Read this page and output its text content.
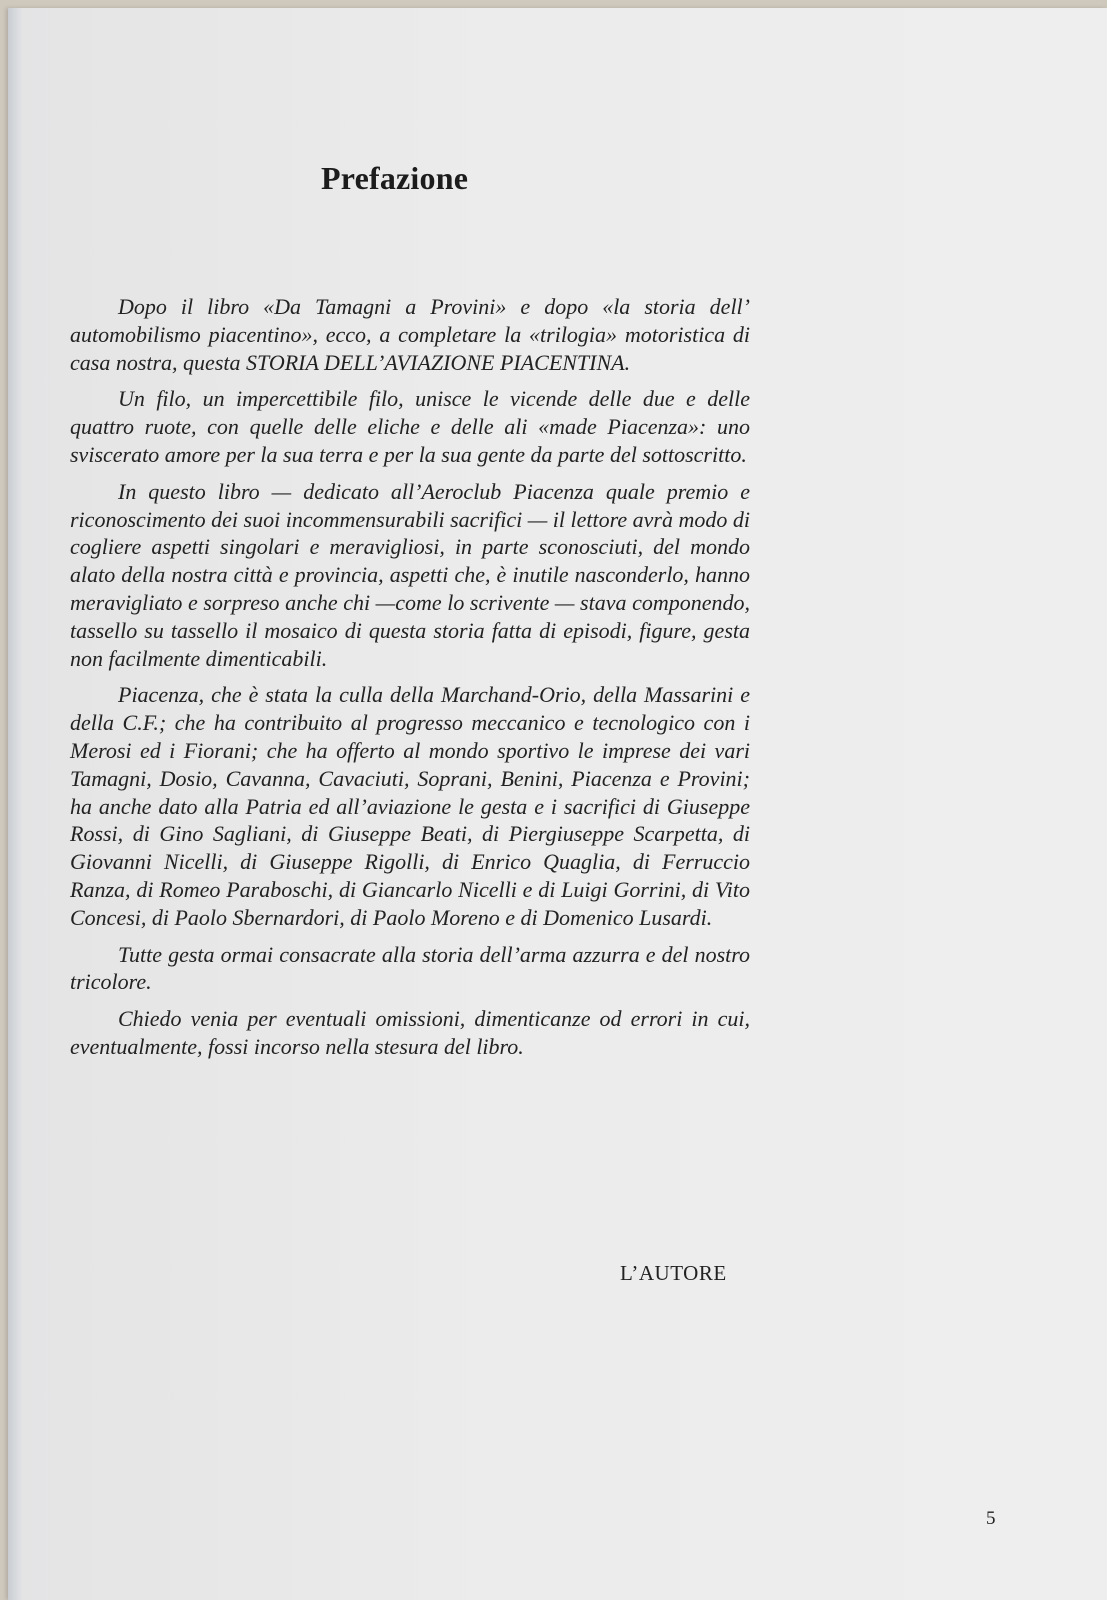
Prefazione

Dopo il libro «Da Tamagni a Provini» e dopo «la storia dell’ automobilismo piacentino», ecco, a completare la «trilogia» motoristica di casa nostra, questa STORIA DELL’AVIAZIONE PIACENTINA.

Un filo, un impercettibile filo, unisce le vicende delle due e delle quattro ruote, con quelle delle eliche e delle ali «made Piacenza»: uno sviscerato amore per la sua terra e per la sua gente da parte del sottoscritto.

In questo libro — dedicato all’Aeroclub Piacenza quale premio e riconoscimento dei suoi incommensurabili sacrifici — il lettore avrà modo di cogliere aspetti singolari e meravigliosi, in parte sconosciuti, del mondo alato della nostra città e provincia, aspetti che, è inutile nasconderlo, hanno meravigliato e sorpreso anche chi —come lo scrivente — stava componendo, tassello su tassello il mosaico di questa storia fatta di episodi, figure, gesta non facilmente dimenticabili.

Piacenza, che è stata la culla della Marchand-Orio, della Massarini e della C.F.; che ha contribuito al progresso meccanico e tecnologico con i Merosi ed i Fiorani; che ha offerto al mondo sportivo le imprese dei vari Tamagni, Dosio, Cavanna, Cavaciuti, Soprani, Benini, Piacenza e Provini; ha anche dato alla Patria ed all’aviazione le gesta e i sacrifici di Giuseppe Rossi, di Gino Sagliani, di Giuseppe Beati, di Piergiuseppe Scarpetta, di Giovanni Nicelli, di Giuseppe Rigolli, di Enrico Quaglia, di Ferruccio Ranza, di Romeo Paraboschi, di Giancarlo Nicelli e di Luigi Gorrini, di Vito Concesi, di Paolo Sbernardori, di Paolo Moreno e di Domenico Lusardi.

Tutte gesta ormai consacrate alla storia dell’arma azzurra e del nostro tricolore.

Chiedo venia per eventuali omissioni, dimenticanze od errori in cui, eventualmente, fossi incorso nella stesura del libro.

L’AUTORE
5
